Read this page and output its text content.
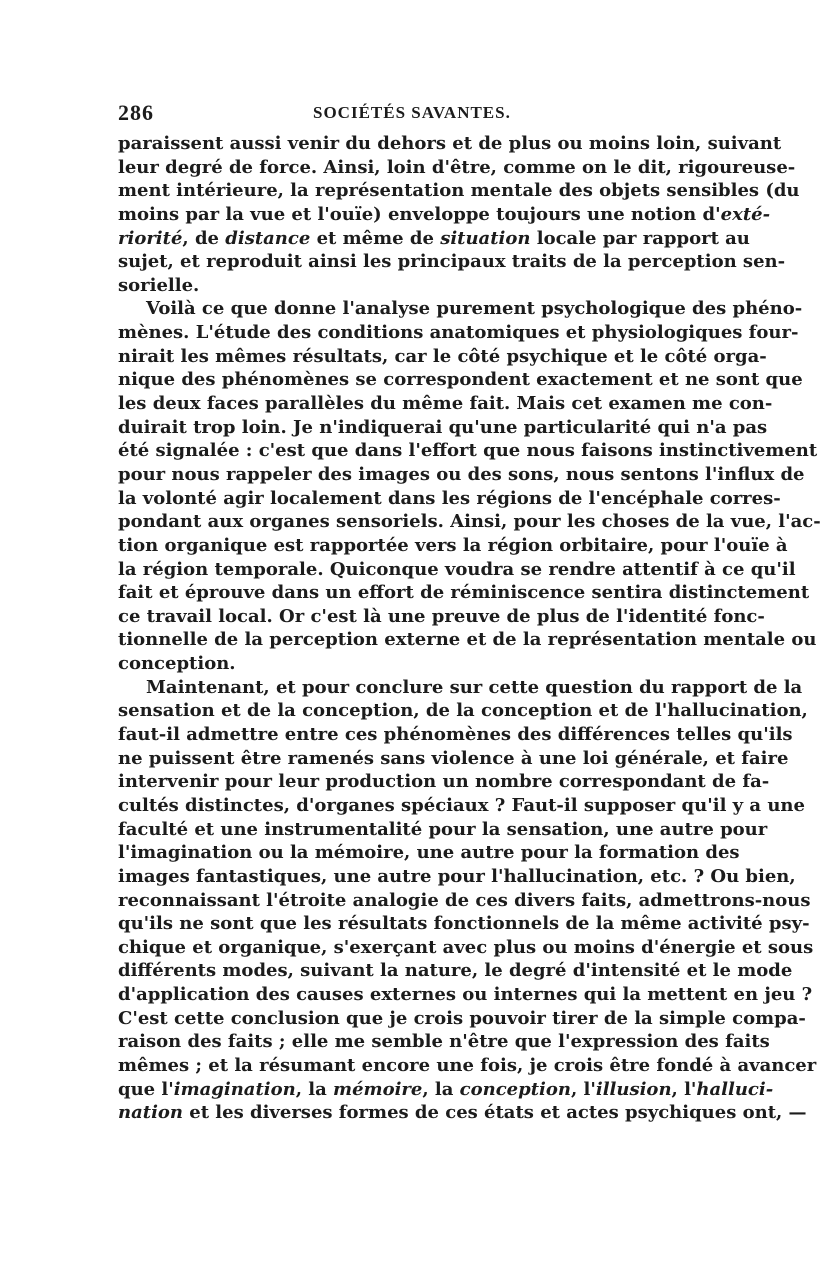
286	SOCIÉTÉS SAVANTES.
paraissent aussi venir du dehors et de plus ou moins loin, suivant
leur degré de force. Ainsi, loin d'être, comme on le dit, rigoureuse-
ment intérieure, la représentation mentale des objets sensibles (du
moins par la vue et l'ouïe) enveloppe toujours une notion d'exté-
riorité, de distance et même de situation locale par rapport au
sujet, et reproduit ainsi les principaux traits de la perception sen-
sorielle.
Voilà ce que donne l'analyse purement psychologique des phéno-
mènes. L'étude des conditions anatomiques et physiologiques four-
nirait les mêmes résultats, car le côté psychique et le côté orga-
nique des phénomènes se correspondent exactement et ne sont que
les deux faces parallèles du même fait. Mais cet examen me con-
duirait trop loin. Je n'indiquerai qu'une particularité qui n'a pas
été signalée : c'est que dans l'effort que nous faisons instinctivement
pour nous rappeler des images ou des sons, nous sentons l'influx de
la volonté agir localement dans les régions de l'encéphale corres-
pondant aux organes sensoriels. Ainsi, pour les choses de la vue, l'ac-
tion organique est rapportée vers la région orbitaire, pour l'ouïe à
la région temporale. Quiconque voudra se rendre attentif à ce qu'il
fait et éprouve dans un effort de réminiscence sentira distinctement
ce travail local. Or c'est là une preuve de plus de l'identité fonc-
tionnelle de la perception externe et de la représentation mentale ou
conception.
Maintenant, et pour conclure sur cette question du rapport de la
sensation et de la conception, de la conception et de l'hallucination,
faut-il admettre entre ces phénomènes des différences telles qu'ils
ne puissent être ramenés sans violence à une loi générale, et faire
intervenir pour leur production un nombre correspondant de fa-
cultés distinctes, d'organes spéciaux ? Faut-il supposer qu'il y a une
faculté et une instrumentalité pour la sensation, une autre pour
l'imagination ou la mémoire, une autre pour la formation des
images fantastiques, une autre pour l'hallucination, etc. ? Ou bien,
reconnaissant l'étroite analogie de ces divers faits, admettrons-nous
qu'ils ne sont que les résultats fonctionnels de la même activité psy-
chique et organique, s'exerçant avec plus ou moins d'énergie et sous
différents modes, suivant la nature, le degré d'intensité et le mode
d'application des causes externes ou internes qui la mettent en jeu ?
C'est cette conclusion que je crois pouvoir tirer de la simple compa-
raison des faits ; elle me semble n'être que l'expression des faits
mêmes ; et la résumant encore une fois, je crois être fondé à avancer
que l'imagination, la mémoire, la conception, l'illusion, l'halluci-
nation et les diverses formes de ces états et actes psychiques ont, —
